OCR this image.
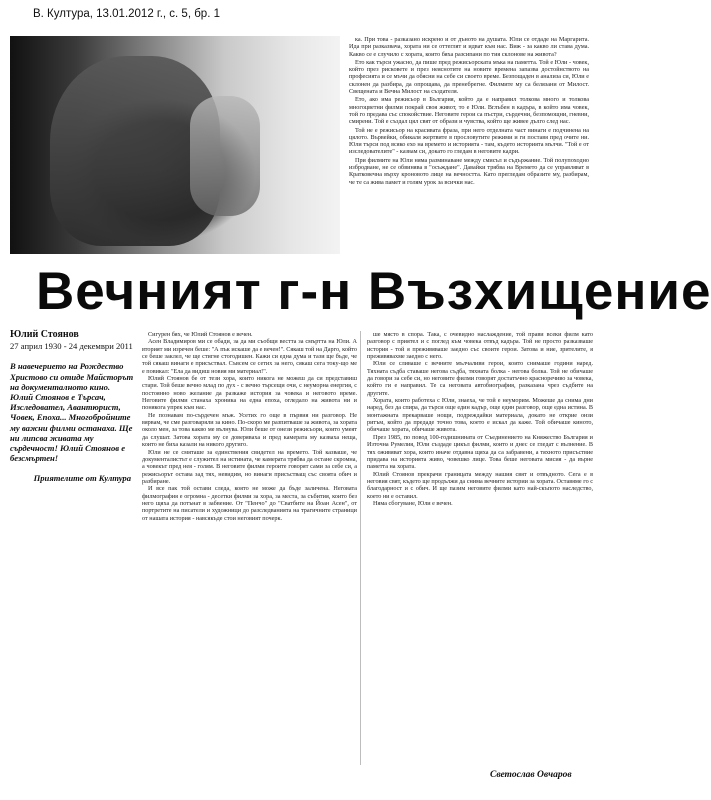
В. Култура, 13.01.2012 г., с. 5, бр. 1

ка. При това - разказано искрено и от дъното на душата. Юли се отдаде на Маргарита. Ида при разказвача, хората ни се оттеглят и идват към нас. Виж - за какво ли става дума. Какво се е случило с хората, които бяха разсипани по тия склонове на живота?

Ето как търси ужасно, да пише пред режисьорската мъка на паметта. Той е Юли - човек, който през рисковете и през неяснотите на новите времена запазва достойнството на професията и се мъчи да обясни на себе си своето време. Безпощаден в анализа си, Юли е склонен да разбира, да опрощава, да пренебрегне. Филмите му са белязани от Милост. Свещената и Вечна Милост на създателя.

Ето, ако има режисьор в България, който да е направил толкова много и толкова многоцветни филми покрай своя живот, то е Юли. Вглъбен в кадъра, в който има човек, той го предава със спокойствие. Неговите герои са пъстри, сърдечни, безпомощни, гневни, смирени. Той е създал цял свят от образи и чувства, който ще живее дълго след нас.

Той не е режисьор на красивата фраза, при него отделната част винаги е подчинена на цялото. Вървейки, обикаля жертвите в прословутите режими и ги поставя пред очите ни. Юли търси под всяко ехо на времето и историята - там, където историята мълчи. "Той е от изследователите" - казвам си, докато го гледам в неговите кадри.

При филмите на Юли няма разминаване между смисъл и съдържание. Той полупоходно избродване, не се обвинява в "осъждане". Давайки трябва на Времето да се управляват в Кратковечна върху кроновото лице на вечността. Като прегледам образите му, разбирам, че те са жива памет и голям урок за всички нас.

Вечният г-н Възхищение
Юлий Стоянов
27 април 1930 - 24 декември 2011
В навечерието на Рождество Христово си отиде Майсторът на документалното кино. Юлий Стоянов е Търсач, Изследовател, Авантюрист, Човек, Епоха... Многобройните му важни филми останаха. Ще ни липсва живата му сърдечност! Юлий Стоянов е безсмъртен!
Приятелите от Култура

Сигурен бях, че Юлий Стоянов е вечен.

Асен Владимиров ми се обади, за да ми съобщи вестта за смъртта на Юли. А вторият ми изречен беше: "А пък искаше да е вечен!". Сякаш той на Дарго, който се беше заклел, че ще стигне стогодишен. Кажи си една дума и тази ще бъде, че той сякаш винаги е присъствал. Съвсем се сетих за него, сякаш сега току-що ме е повикал: "Ела да видиш новия ми материал!".

Юлий Стоянов бе от тези хора, които никога не можеш да си представиш стари. Той беше вечно млад по дух - с вечно търсещи очи, с неуморна енергия, с постоянно ново желание да разкаже история за човека и неговото време. Неговите филми станаха хроника на една епоха, огледало на живота ни и понякога упрек към нас.

Не познавам по-сърдечен мъж. Усетих го още в първия ни разговор. Не вярвам, че сме разговаряли за кино. По-скоро ме разпитваше за живота, за хората около мен, за това какво ме вълнува. Юли беше от онези режисьори, които умеят да слушат. Затова хората му се доверяваха и пред камерата му казваха неща, които не биха казали на никого другиго.

Юли не се смяташе за единствения свидетел на времето. Той казваше, че документалистът е служител на истината, че камерата трябва да остане скромна, а човекът пред нея - голям. В неговите филми героите говорят сами за себе си, а режисьорът остава зад тях, невидим, но винаги присъстващ със своята обич и разбиране.

И все пак той остави следа, която не може да бъде заличена. Неговата филмография е огромна - десетки филми за хора, за места, за събития, които без него щяха да потънат в забвение. От "Пенчо" до "Сватбите на Йоан Асен", от портретите на писатели и художници до разследванията на трагичните страници от нашата история - навсякъде стои неговият почерк.

ше място в спора. Така, с очевидно наслаждение, той прави всеки филм като разговор с приятел и с поглед към човека отвъд кадъра. Той не просто разказваше история - той я преживяваше заедно със своите герои. Затова и ние, зрителите, я преживявахме заедно с него.

Юли се сливаше с вечните мълчаливи герои, които снимаше години наред. Тяхната съдба ставаше негова съдба, тяхната болка - негова болка. Той не обичаше да говори за себе си, но неговите филми говорят достатъчно красноречиво за човека, който ги е направил. Те са неговата автобиография, разказана чрез съдбите на другите.

Хората, които работеха с Юли, знаеха, че той е неуморим. Можеше да снима дни наред, без да спира, да търси още един кадър, още един разговор, още една истина. В монтажната прекарваше нощи, подреждайки материала, докато не открие онзи ритъм, който да предаде точно това, което е искал да каже. Той обичаше киното, обичаше хората, обичаше живота.

През 1985, по повод 100-годишнината от Съединението на Княжество България и Източна Румелия, Юли създаде цикъл филми, които и днес се гледат с вълнение. В тях оживяват хора, които иначе отдавна щяха да са забравени, а тяхното присъствие придава на историята живо, човешко лице. Това беше неговата мисия - да върне паметта на хората.

Юлий Стоянов прекрачи границата между нашия свят и отвъдното. Сега е в неговия свят, където ще продължи да снима вечните истории за хората. Оставяме го с благодарност и с обич. И ще пазим неговите филми като най-скъпото наследство, което ни е оставил.

Няма сбогуване, Юли е вечен.

Светослав Овчаров
